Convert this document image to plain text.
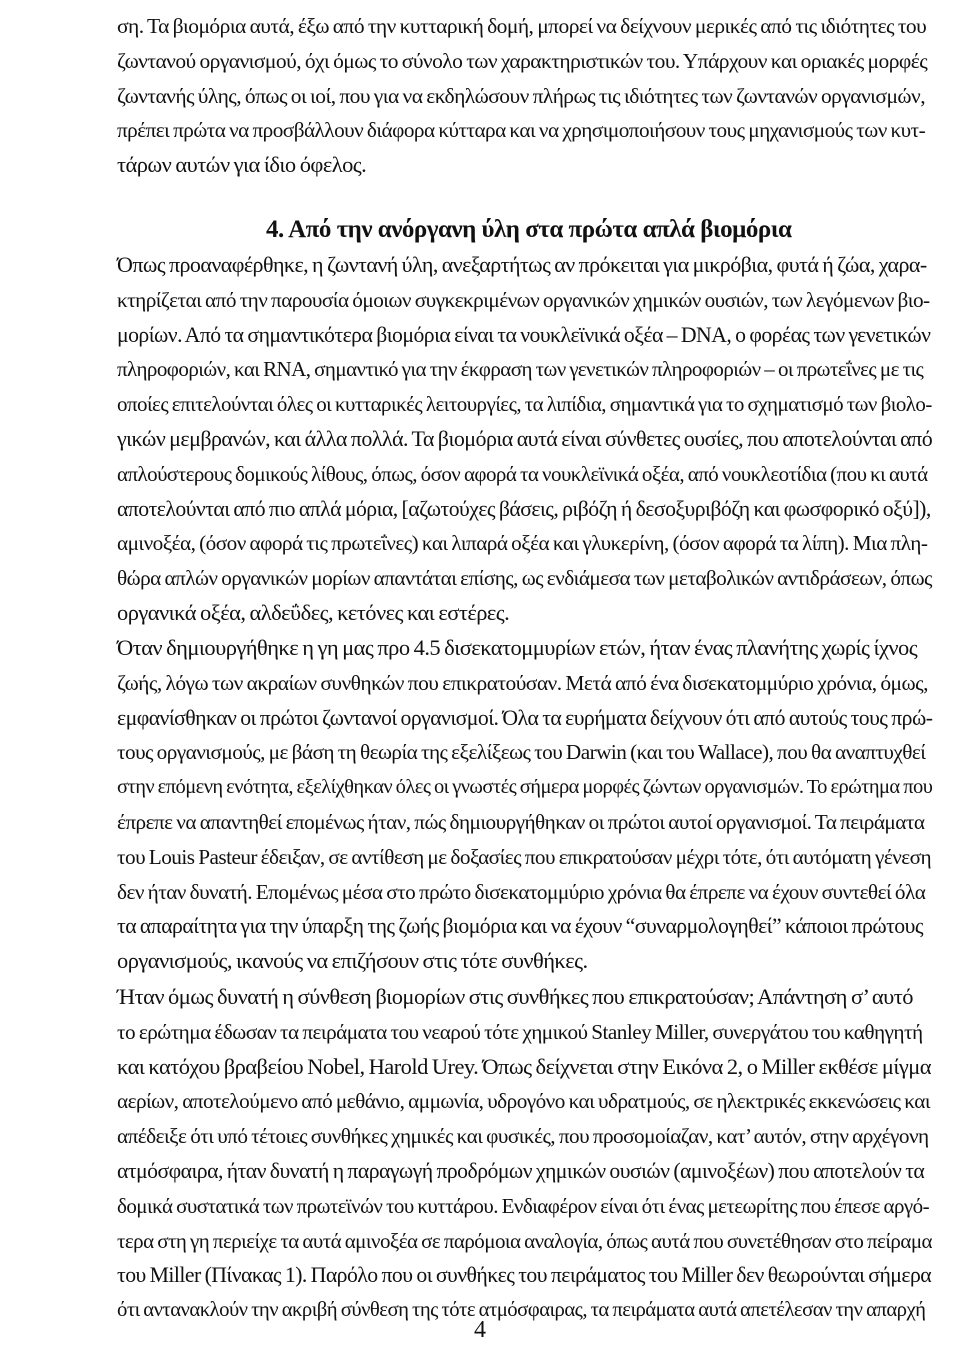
ση. Τα βιομόρια αυτά, έξω από την κυτταρική δομή, μπορεί να δείχνουν μερικές από τις ιδιότητες του
ζωντανού οργανισμού, όχι όμως το σύνολο των χαρακτηριστικών του. Υπάρχουν και οριακές μορφές
ζωντανής ύλης, όπως οι ιοί, που για να εκδηλώσουν πλήρως τις ιδιότητες των ζωντανών οργανισμών,
πρέπει πρώτα να προσβάλλουν διάφορα κύτταρα και να χρησιμοποιήσουν τους μηχανισμούς των κυτ-
τάρων αυτών για ίδιο όφελος.

4. Από την ανόργανη ύλη στα πρώτα απλά βιομόρια

Όπως προαναφέρθηκε, η ζωντανή ύλη, ανεξαρτήτως αν πρόκειται για μικρόβια, φυτά ή ζώα, χαρα-
κτηρίζεται από την παρουσία όμοιων συγκεκριμένων οργανικών χημικών ουσιών, των λεγόμενων βιο-
μορίων. Από τα σημαντικότερα βιομόρια είναι τα νουκλεϊνικά οξέα – DNA, ο φορέας των γενετικών
πληροφοριών, και RNA, σημαντικό για την έκφραση των γενετικών πληροφοριών – οι πρωτεΐνες με τις
οποίες επιτελούνται όλες οι κυτταρικές λειτουργίες, τα λιπίδια, σημαντικά για το σχηματισμό των βιολο-
γικών μεμβρανών, και άλλα πολλά. Τα βιομόρια αυτά είναι σύνθετες ουσίες, που αποτελούνται από
απλούστερους δομικούς λίθους, όπως, όσον αφορά τα νουκλεϊνικά οξέα, από νουκλεοτίδια (που κι αυτά
αποτελούνται από πιο απλά μόρια, [αζωτούχες βάσεις, ριβόζη ή δεσοξυριβόζη και φωσφορικό οξύ]),
αμινοξέα, (όσον αφορά τις πρωτεΐνες) και λιπαρά οξέα και γλυκερίνη, (όσον αφορά τα λίπη). Μια πλη-
θώρα απλών οργανικών μορίων απαντάται επίσης, ως ενδιάμεσα των μεταβολικών αντιδράσεων, όπως
οργανικά οξέα, αλδεΰδες, κετόνες και εστέρες.

Όταν δημιουργήθηκε η γη μας προ 4.5 δισεκατομμυρίων ετών, ήταν ένας πλανήτης χωρίς ίχνος
ζωής, λόγω των ακραίων συνθηκών που επικρατούσαν. Μετά από ένα δισεκατομμύριο χρόνια, όμως,
εμφανίσθηκαν οι πρώτοι ζωντανοί οργανισμοί. Όλα τα ευρήματα δείχνουν ότι από αυτούς τους πρώ-
τους οργανισμούς, με βάση τη θεωρία της εξελίξεως του Darwin (και του Wallace), που θα αναπτυχθεί
στην επόμενη ενότητα, εξελίχθηκαν όλες οι γνωστές σήμερα μορφές ζώντων οργανισμών. Το ερώτημα που
έπρεπε να απαντηθεί επομένως ήταν, πώς δημιουργήθηκαν οι πρώτοι αυτοί οργανισμοί. Τα πειράματα
του Louis Pasteur έδειξαν, σε αντίθεση με δοξασίες που επικρατούσαν μέχρι τότε, ότι αυτόματη γένεση
δεν ήταν δυνατή. Επομένως μέσα στο πρώτο δισεκατομμύριο χρόνια θα έπρεπε να έχουν συντεθεί όλα
τα απαραίτητα για την ύπαρξη της ζωής βιομόρια και να έχουν “συναρμολογηθεί” κάποιοι πρώτους
οργανισμούς, ικανούς να επιζήσουν στις τότε συνθήκες.

Ήταν όμως δυνατή η σύνθεση βιομορίων στις συνθήκες που επικρατούσαν; Απάντηση σ’ αυτό
το ερώτημα έδωσαν τα πειράματα του νεαρού τότε χημικού Stanley Miller, συνεργάτου του καθηγητή
και κατόχου βραβείου Nobel, Harold Urey. Όπως δείχνεται στην Εικόνα 2, ο Miller εκθέσε μίγμα
αερίων, αποτελούμενο από μεθάνιο, αμμωνία, υδρογόνο και υδρατμούς, σε ηλεκτρικές εκκενώσεις και
απέδειξε ότι υπό τέτοιες συνθήκες χημικές και φυσικές, που προσομοίαζαν, κατ’ αυτόν, στην αρχέγονη
ατμόσφαιρα, ήταν δυνατή η παραγωγή προδρόμων χημικών ουσιών (αμινοξέων) που αποτελούν τα
δομικά συστατικά των πρωτεϊνών του κυττάρου. Ενδιαφέρον είναι ότι ένας μετεωρίτης που έπεσε αργό-
τερα στη γη περιείχε τα αυτά αμινοξέα σε παρόμοια αναλογία, όπως αυτά που συνετέθησαν στο πείραμα
του Miller (Πίνακας 1). Παρόλο που οι συνθήκες του πειράματος του Miller δεν θεωρούνται σήμερα
ότι αντανακλούν την ακριβή σύνθεση της τότε ατμόσφαιρας, τα πειράματα αυτά απετέλεσαν την απαρχή

4
